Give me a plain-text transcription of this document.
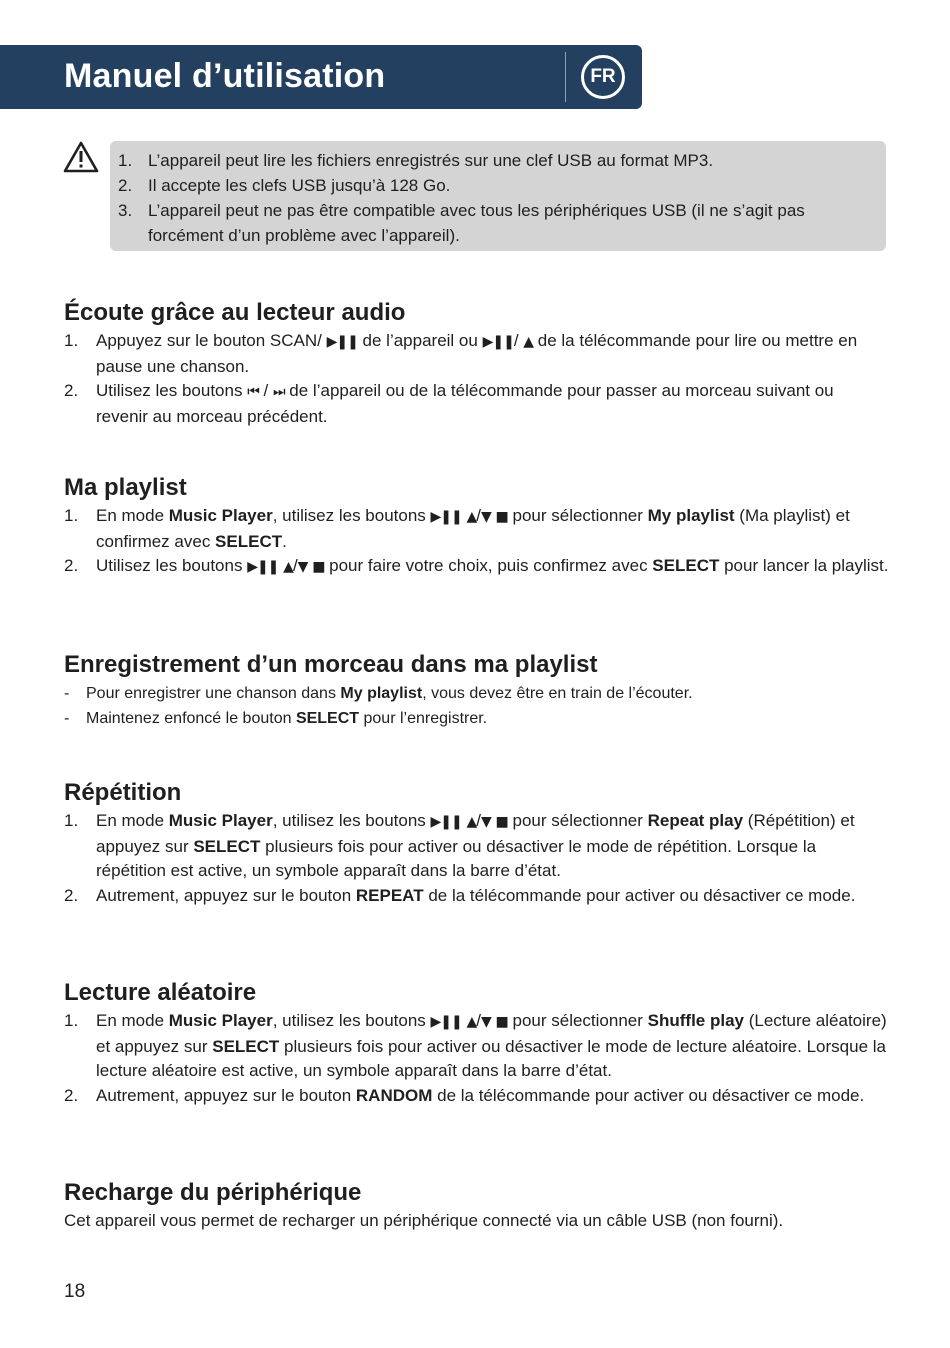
Manuel d’utilisation	FR
1. L’appareil peut lire les fichiers enregistrés sur une clef USB au format MP3.
2. Il accepte les clefs USB jusqu’à 128 Go.
3. L’appareil peut ne pas être compatible avec tous les périphériques USB (il ne s’agit pas forcément d’un problème avec l’appareil).
Écoute grâce au lecteur audio
1. Appuyez sur le bouton SCAN/ ▶❚❚ de l’appareil ou ▶❚❚/ ▲ de la télécommande pour lire ou mettre en pause une chanson.
2. Utilisez les boutons ⏮ / ⏭ de l’appareil ou de la télécommande pour passer au morceau suivant ou revenir au morceau précédent.
Ma playlist
1. En mode Music Player, utilisez les boutons ▶❚❚ ▲/▼ ■ pour sélectionner My playlist (Ma playlist) et confirmez avec SELECT.
2. Utilisez les boutons ▶❚❚ ▲/▼ ■ pour faire votre choix, puis confirmez avec SELECT pour lancer la playlist.
Enregistrement d’un morceau dans ma playlist
- Pour enregistrer une chanson dans My playlist, vous devez être en train de l’écouter.
- Maintenez enfoncé le bouton SELECT pour l’enregistrer.
Répétition
1. En mode Music Player, utilisez les boutons ▶❚❚ ▲/▼ ■ pour sélectionner Repeat play (Répétition) et appuyez sur SELECT plusieurs fois pour activer ou désactiver le mode de répétition. Lorsque la répétition est active, un symbole apparaît dans la barre d’état.
2. Autrement, appuyez sur le bouton REPEAT de la télécommande pour activer ou désactiver ce mode.
Lecture aléatoire
1. En mode Music Player, utilisez les boutons ▶❚❚ ▲/▼ ■ pour sélectionner Shuffle play (Lecture aléatoire) et appuyez sur SELECT plusieurs fois pour activer ou désactiver le mode de lecture aléatoire. Lorsque la lecture aléatoire est active, un symbole apparaît dans la barre d’état.
2. Autrement, appuyez sur le bouton RANDOM de la télécommande pour activer ou désactiver ce mode.
Recharge du périphérique

Cet appareil vous permet de recharger un périphérique connecté via un câble USB (non fourni).

18
